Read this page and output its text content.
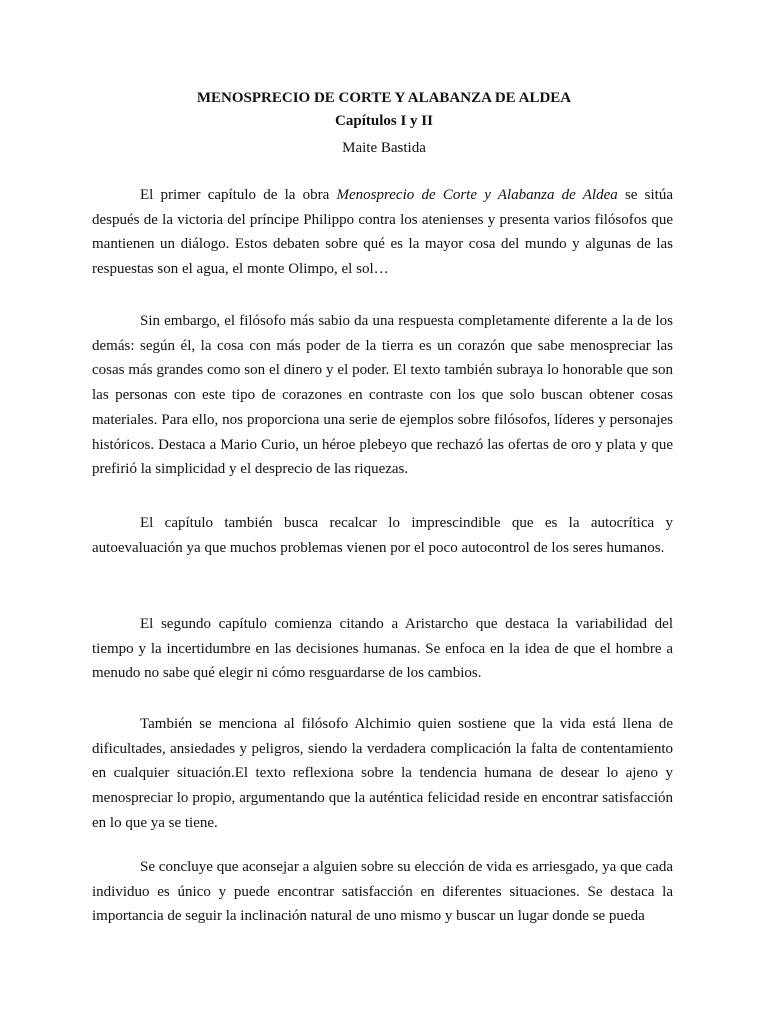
MENOSPRECIO DE CORTE Y ALABANZA DE ALDEA
Capítulos I y II
Maite Bastida

El primer capítulo de la obra Menosprecio de Corte y Alabanza de Aldea se sitúa después de la victoria del príncipe Philippo contra los atenienses y presenta varios filósofos que mantienen un diálogo. Estos debaten sobre qué es la mayor cosa del mundo y algunas de las respuestas son el agua, el monte Olimpo, el sol…

Sin embargo, el filósofo más sabio da una respuesta completamente diferente a la de los demás: según él, la cosa con más poder de la tierra es un corazón que sabe menospreciar las cosas más grandes como son el dinero y el poder. El texto también subraya lo honorable que son las personas con este tipo de corazones en contraste con los que solo buscan obtener cosas materiales. Para ello, nos proporciona una serie de ejemplos sobre filósofos, líderes y personajes históricos. Destaca a Mario Curio, un héroe plebeyo que rechazó las ofertas de oro y plata y que prefirió la simplicidad y el desprecio de las riquezas.

El capítulo también busca recalcar lo imprescindible que es la autocrítica y autoevaluación ya que muchos problemas vienen por el poco autocontrol de los seres humanos.

El segundo capítulo comienza citando a Aristarcho que destaca la variabilidad del tiempo y la incertidumbre en las decisiones humanas. Se enfoca en la idea de que el hombre a menudo no sabe qué elegir ni cómo resguardarse de los cambios.

También se menciona al filósofo Alchimio quien sostiene que la vida está llena de dificultades, ansiedades y peligros, siendo la verdadera complicación la falta de contentamiento en cualquier situación.El texto reflexiona sobre la tendencia humana de desear lo ajeno y menospreciar lo propio, argumentando que la auténtica felicidad reside en encontrar satisfacción en lo que ya se tiene.

Se concluye que aconsejar a alguien sobre su elección de vida es arriesgado, ya que cada individuo es único y puede encontrar satisfacción en diferentes situaciones. Se destaca la importancia de seguir la inclinación natural de uno mismo y buscar un lugar donde se pueda
